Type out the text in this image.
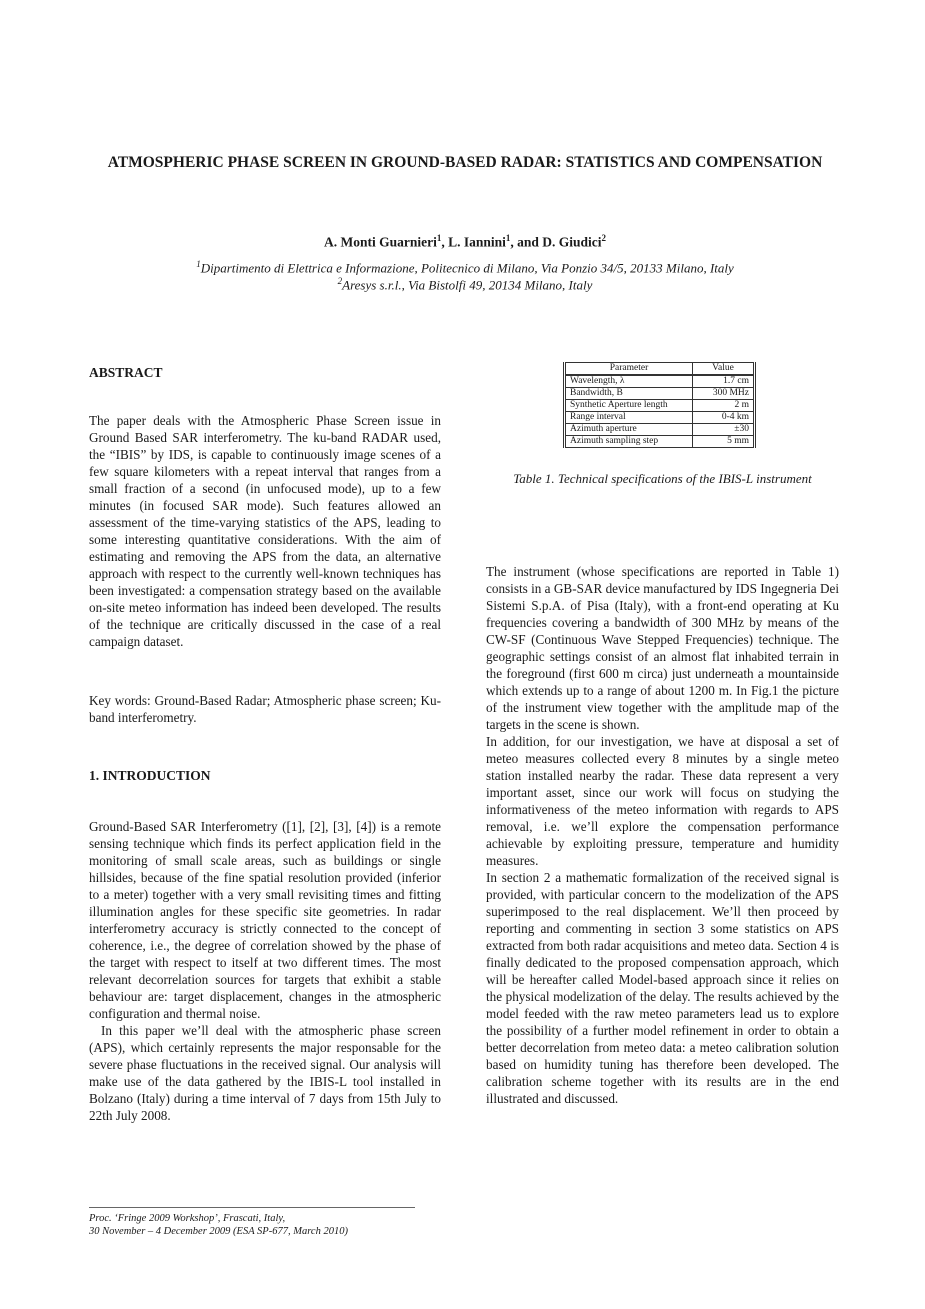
ATMOSPHERIC PHASE SCREEN IN GROUND-BASED RADAR: STATISTICS AND COMPENSATION
A. Monti Guarnieri$^1$, L. Iannini$^1$, and D. Giudici$^2$
$^1$Dipartimento di Elettrica e Informazione, Politecnico di Milano, Via Ponzio 34/5, 20133 Milano, Italy
$^2$Aresys s.r.l., Via Bistolfi 49, 20134 Milano, Italy

ABSTRACT

The paper deals with the Atmospheric Phase Screen issue in Ground Based SAR interferometry. The ku-band RADAR used, the “IBIS” by IDS, is capable to continuously image scenes of a few square kilometers with a repeat interval that ranges from a small fraction of a second (in unfocused mode), up to a few minutes (in focused SAR mode). Such features allowed an assessment of the time-varying statistics of the APS, leading to some interesting quantitative considerations. With the aim of estimating and removing the APS from the data, an alternative approach with respect to the currently well-known techniques has been investigated: a compensation strategy based on the available on-site meteo information has indeed been developed. The results of the technique are critically discussed in the case of a real campaign dataset.

Key words: Ground-Based Radar; Atmospheric phase screen; Ku-band interferometry.

1. INTRODUCTION

Ground-Based SAR Interferometry ([1], [2], [3], [4]) is a remote sensing technique which finds its perfect application field in the monitoring of small scale areas, such as buildings or single hillsides, because of the fine spatial resolution provided (inferior to a meter) together with a very small revisiting times and fitting illumination angles for these specific site geometries. In radar interferometry accuracy is strictly connected to the concept of coherence, i.e., the degree of correlation showed by the phase of the target with respect to itself at two different times. The most relevant decorrelation sources for targets that exhibit a stable behaviour are: target displacement, changes in the atmospheric configuration and thermal noise.

In this paper we’ll deal with the atmospheric phase screen (APS), which certainly represents the major responsable for the severe phase fluctuations in the received signal. Our analysis will make use of the data gathered by the IBIS-L tool installed in Bolzano (Italy) during a time interval of 7 days from 15th July to 22th July 2008.

Parameter	Value
Wavelength, λ	1.7 cm
Bandwidth, B	300 MHz
Synthetic Aperture length	2 m
Range interval	0-4 km
Azimuth aperture	±30
Azimuth sampling step	5 mm
Table 1. Technical specifications of the IBIS-L instrument

The instrument (whose specifications are reported in Table 1) consists in a GB-SAR device manufactured by IDS Ingegneria Dei Sistemi S.p.A. of Pisa (Italy), with a front-end operating at Ku frequencies covering a bandwidth of 300 MHz by means of the CW-SF (Continuous Wave Stepped Frequencies) technique. The geographic settings consist of an almost flat inhabited terrain in the foreground (first 600 m circa) just underneath a mountainside which extends up to a range of about 1200 m. In Fig.1 the picture of the instrument view together with the amplitude map of the targets in the scene is shown.

In addition, for our investigation, we have at disposal a set of meteo measures collected every 8 minutes by a single meteo station installed nearby the radar. These data represent a very important asset, since our work will focus on studying the informativeness of the meteo information with regards to APS removal, i.e. we’ll explore the compensation performance achievable by exploiting pressure, temperature and humidity measures.

In section 2 a mathematic formalization of the received signal is provided, with particular concern to the modelization of the APS superimposed to the real displacement. We’ll then proceed by reporting and commenting in section 3 some statistics on APS extracted from both radar acquisitions and meteo data. Section 4 is finally dedicated to the proposed compensation approach, which will be hereafter called Model-based approach since it relies on the physical modelization of the delay. The results achieved by the model feeded with the raw meteo parameters lead us to explore the possibility of a further model refinement in order to obtain a better decorrelation from meteo data: a meteo calibration solution based on humidity tuning has therefore been developed. The calibration scheme together with its results are in the end illustrated and discussed.

Proc. ‘Fringe 2009 Workshop’, Frascati, Italy,
30 November – 4 December 2009 (ESA SP-677, March 2010)
